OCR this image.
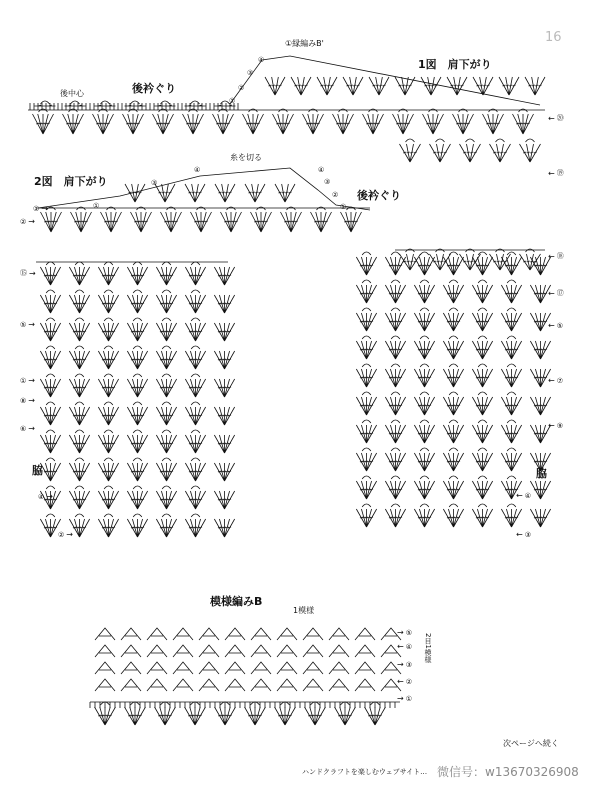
16
①縁編みB'
1図　肩下がり
後衿ぐり
後中心
脇
← ⑳
← ⑲
← ⑱
← ⑰
← ⑤
← ⑦
← ⑨
← ④
← ③
④
③
②
①
2図　肩下がり
糸を切る
後衿ぐり
脇
② →
① →
⑮ →
⑤ →
① →
⑧ →
⑥ →
④ →
② →
①
③
④	④
③
②
①
模様編みB
1模様
2目1模様
← ④
→ ③
← ②
→ ①
→ ⑤
次ページへ続く
ハンドクラフトを楽しむウェブサイト… 微信号：w13670326908
